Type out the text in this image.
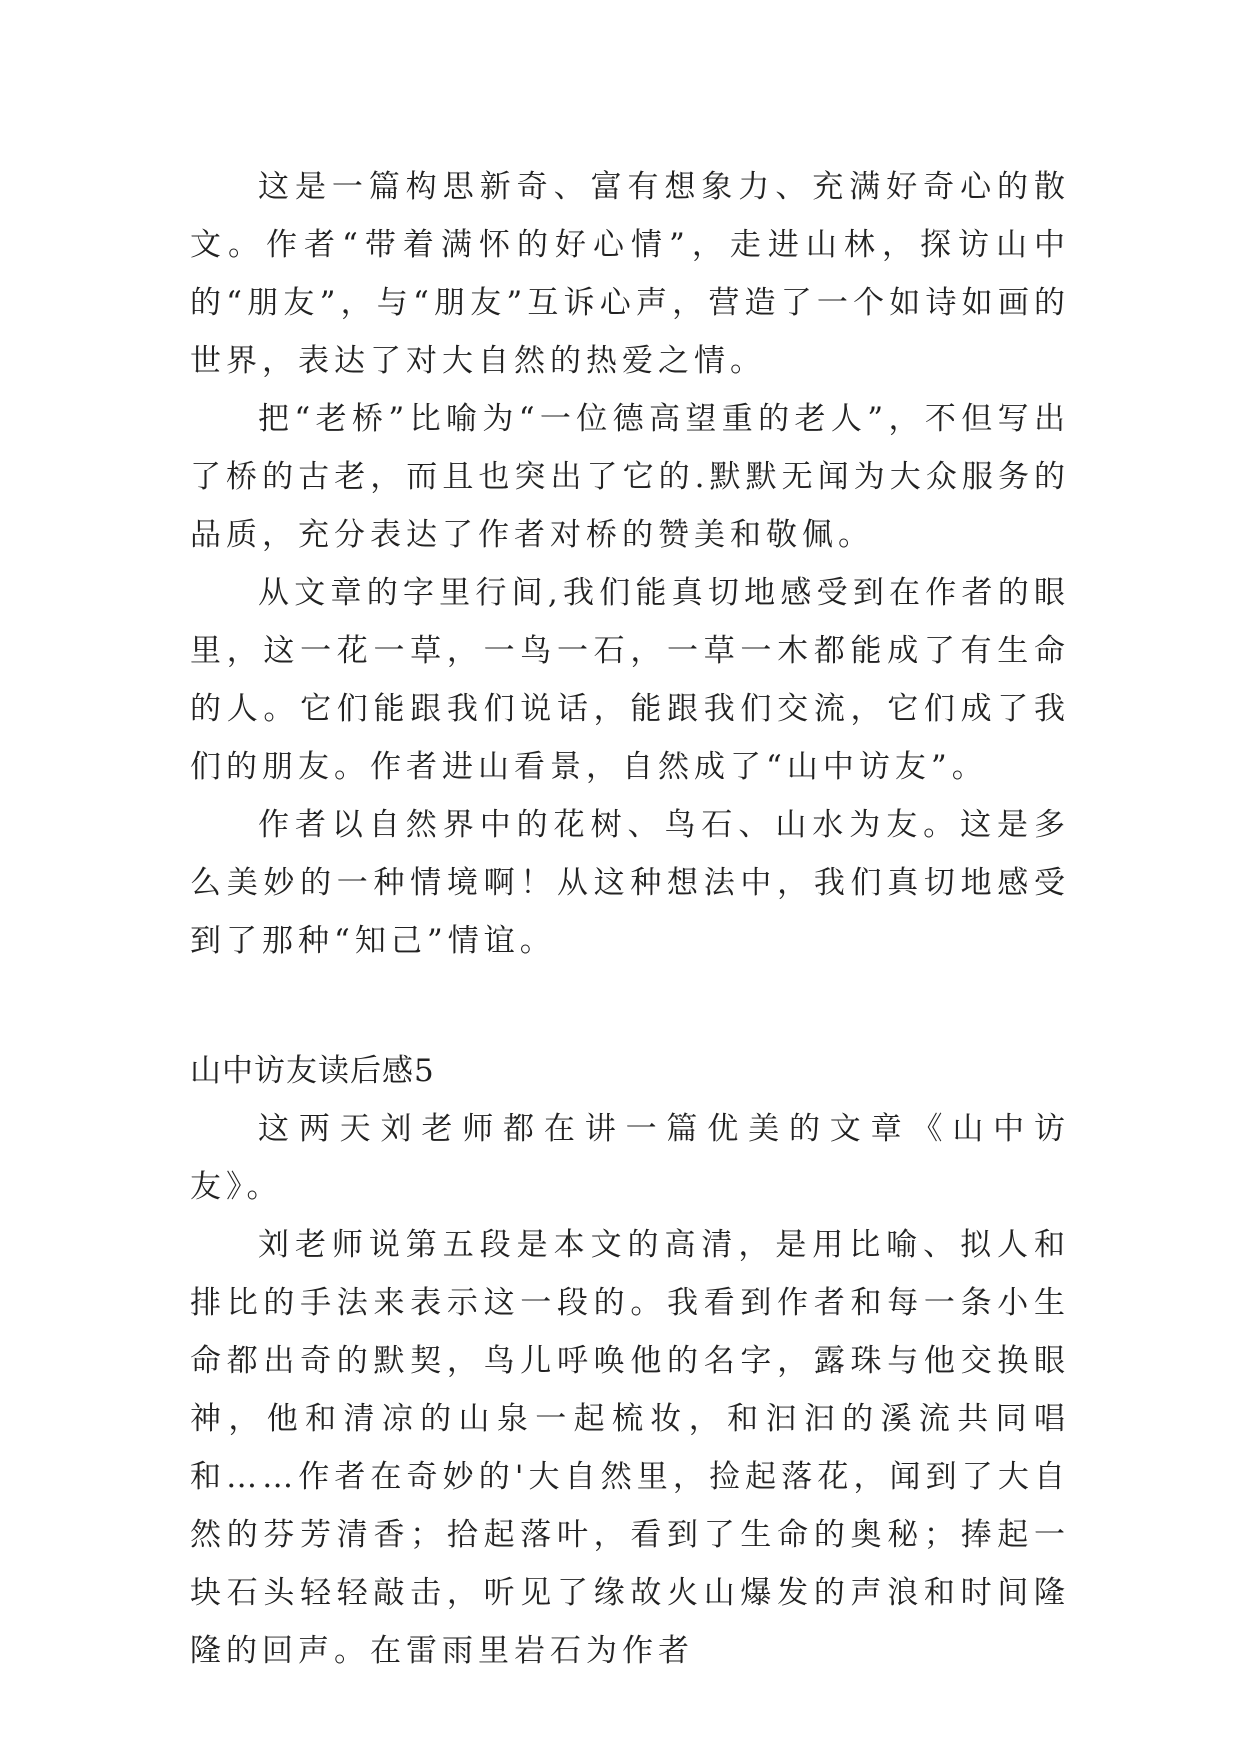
这是一篇构思新奇、富有想象力、充满好奇心的散文。作者“带着满怀的好心情”，走进山林，探访山中的“朋友”，与“朋友”互诉心声，营造了一个如诗如画的世界，表达了对大自然的热爱之情。

把“老桥”比喻为“一位德高望重的老人”，不但写出了桥的古老，而且也突出了它的.默默无闻为大众服务的品质，充分表达了作者对桥的赞美和敬佩。

从文章的字里行间,我们能真切地感受到在作者的眼里，这一花一草，一鸟一石，一草一木都能成了有生命的人。它们能跟我们说话，能跟我们交流，它们成了我们的朋友。作者进山看景，自然成了“山中访友”。

作者以自然界中的花树、鸟石、山水为友。这是多么美妙的一种情境啊！从这种想法中，我们真切地感受到了那种“知己”情谊。

山中访友读后感5

这两天刘老师都在讲一篇优美的文章《山中访友》。

刘老师说第五段是本文的高清，是用比喻、拟人和排比的手法来表示这一段的。我看到作者和每一条小生命都出奇的默契，鸟儿呼唤他的名字，露珠与他交换眼神，他和清凉的山泉一起梳妆，和汩汩的溪流共同唱和……作者在奇妙的'大自然里，捡起落花，闻到了大自然的芬芳清香；拾起落叶，看到了生命的奥秘；捧起一块石头轻轻敲击，听见了缘故火山爆发的声浪和时间隆隆的回声。在雷雨里岩石为作者
